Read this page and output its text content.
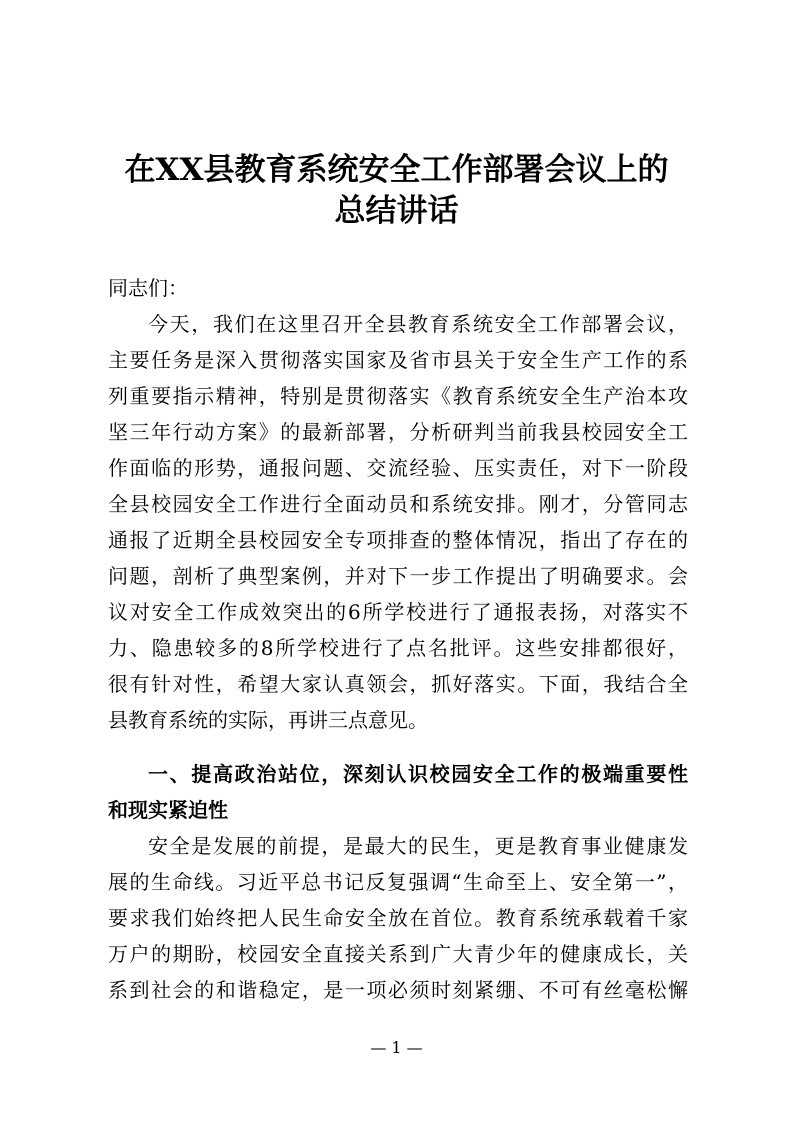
在XX县教育系统安全工作部署会议上的
总结讲话
同志们：
今天，我们在这里召开全县教育系统安全工作部署会议，
主要任务是深入贯彻落实国家及省市县关于安全生产工作的系
列重要指示精神，特别是贯彻落实《教育系统安全生产治本攻
坚三年行动方案》的最新部署，分析研判当前我县校园安全工
作面临的形势，通报问题、交流经验、压实责任，对下一阶段
全县校园安全工作进行全面动员和系统安排。刚才，分管同志
通报了近期全县校园安全专项排查的整体情况，指出了存在的
问题，剖析了典型案例，并对下一步工作提出了明确要求。会
议对安全工作成效突出的6所学校进行了通报表扬，对落实不
力、隐患较多的8所学校进行了点名批评。这些安排都很好，
很有针对性，希望大家认真领会，抓好落实。下面，我结合全
县教育系统的实际，再讲三点意见。
一、提高政治站位，深刻认识校园安全工作的极端重要性
和现实紧迫性
安全是发展的前提，是最大的民生，更是教育事业健康发
展的生命线。习近平总书记反复强调“生命至上、安全第一”，
要求我们始终把人民生命安全放在首位。教育系统承载着千家
万户的期盼，校园安全直接关系到广大青少年的健康成长，关
系到社会的和谐稳定，是一项必须时刻紧绷、不可有丝毫松懈
— 1 —
